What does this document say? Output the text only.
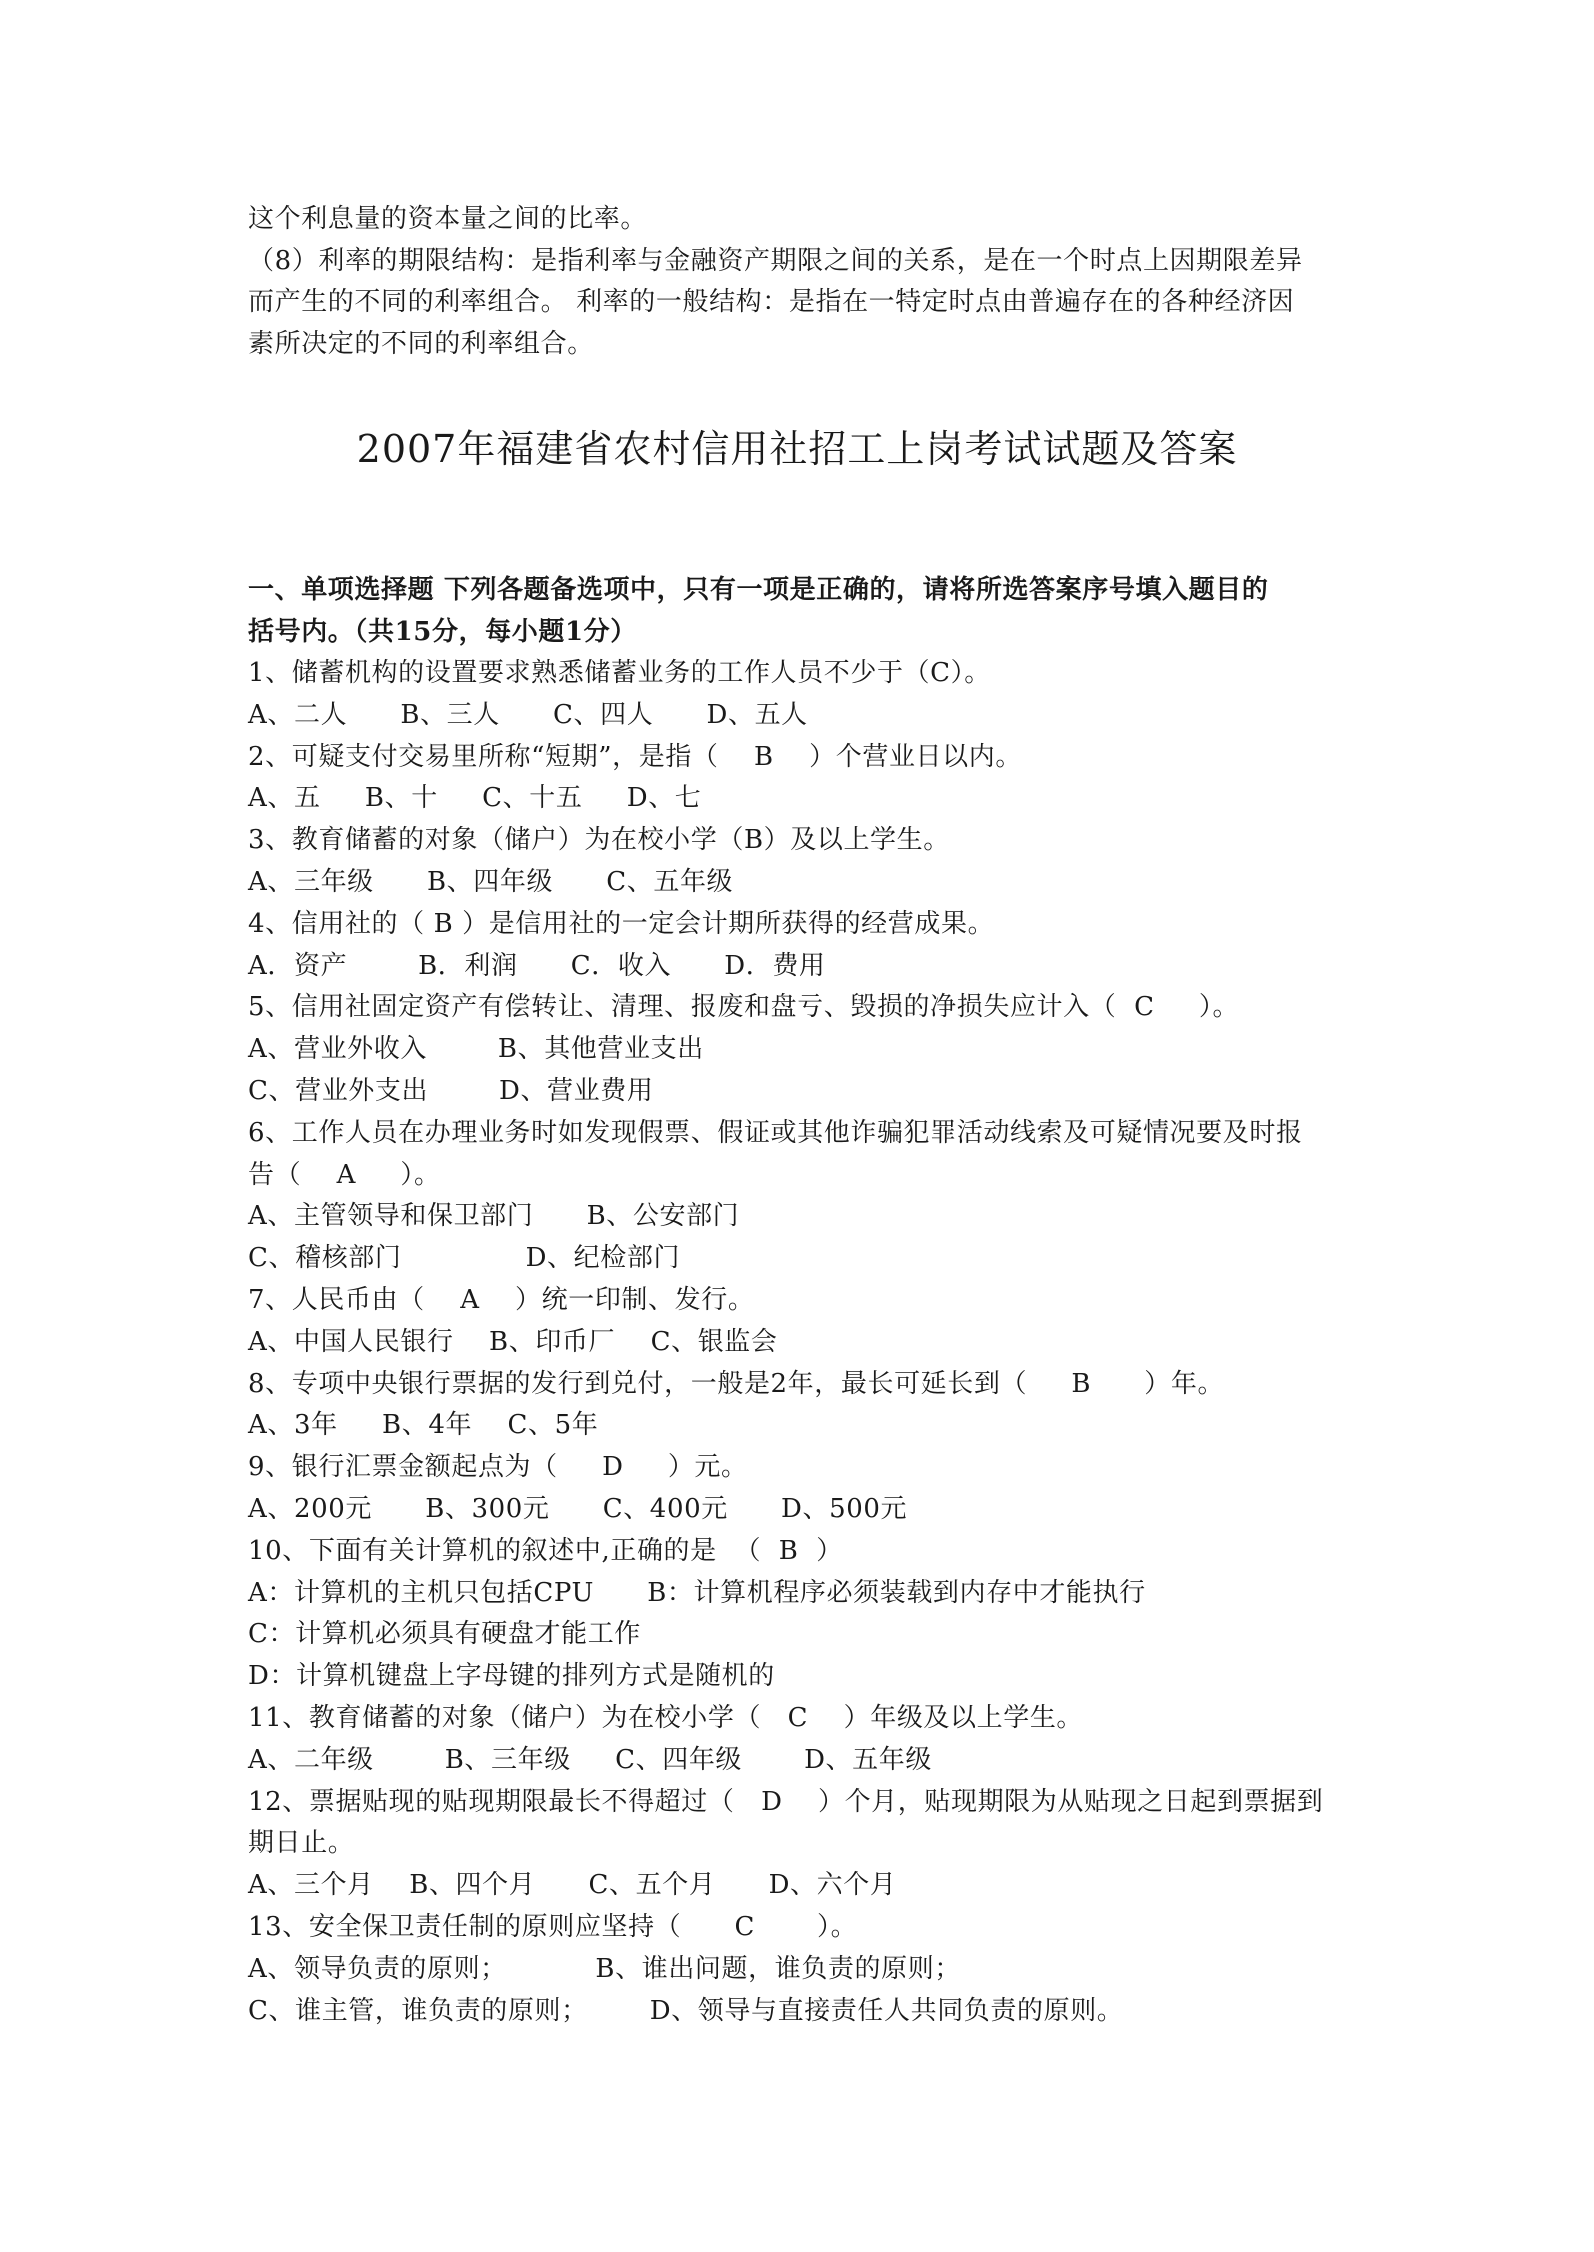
这个利息量的资本量之间的比率。
（8）利率的期限结构：是指利率与金融资产期限之间的关系，是在一个时点上因期限差异
而产生的不同的利率组合。 利率的一般结构：是指在一特定时点由普遍存在的各种经济因
素所决定的不同的利率组合。
2007年福建省农村信用社招工上岗考试试题及答案
一、单项选择题 下列各题备选项中，只有一项是正确的，请将所选答案序号填入题目的
括号内。（共15分，每小题1分）
1、储蓄机构的设置要求熟悉储蓄业务的工作人员不少于（C）。
A、二人      B、三人      C、四人      D、五人
2、可疑支付交易里所称“短期”，是指（    B    ）个营业日以内。
A、五     B、十     C、十五     D、七
3、教育储蓄的对象（储户）为在校小学（B）及以上学生。
A、三年级      B、四年级      C、五年级
4、信用社的（ B ）是信用社的一定会计期所获得的经营成果。
A．资产        B．利润      C．收入      D．费用
5、信用社固定资产有偿转让、清理、报废和盘亏、毁损的净损失应计入（  C     ）。
A、营业外收入        B、其他营业支出
C、营业外支出        D、营业费用
6、工作人员在办理业务时如发现假票、假证或其他诈骗犯罪活动线索及可疑情况要及时报
告（    A     ）。
A、主管领导和保卫部门      B、公安部门
C、稽核部门              D、纪检部门
7、人民币由（    A    ）统一印制、发行。
A、中国人民银行    B、印币厂    C、银监会
8、专项中央银行票据的发行到兑付，一般是2年，最长可延长到（     B      ）年。
A、3年     B、4年    C、5年
9、银行汇票金额起点为（     D     ）元。
A、200元      B、300元      C、400元      D、500元
10、下面有关计算机的叙述中,正确的是  （  B  ）
A：计算机的主机只包括CPU      B：计算机程序必须装载到内存中才能执行
C：计算机必须具有硬盘才能工作
D：计算机键盘上字母键的排列方式是随机的
11、教育储蓄的对象（储户）为在校小学（   C    ）年级及以上学生。
A、二年级        B、三年级     C、四年级       D、五年级
12、票据贴现的贴现期限最长不得超过（   D    ）个月，贴现期限为从贴现之日起到票据到
期日止。
A、三个月    B、四个月      C、五个月      D、六个月
13、安全保卫责任制的原则应坚持（      C       ）。
A、领导负责的原则；          B、谁出问题，谁负责的原则；
C、谁主管，谁负责的原则；       D、领导与直接责任人共同负责的原则。
